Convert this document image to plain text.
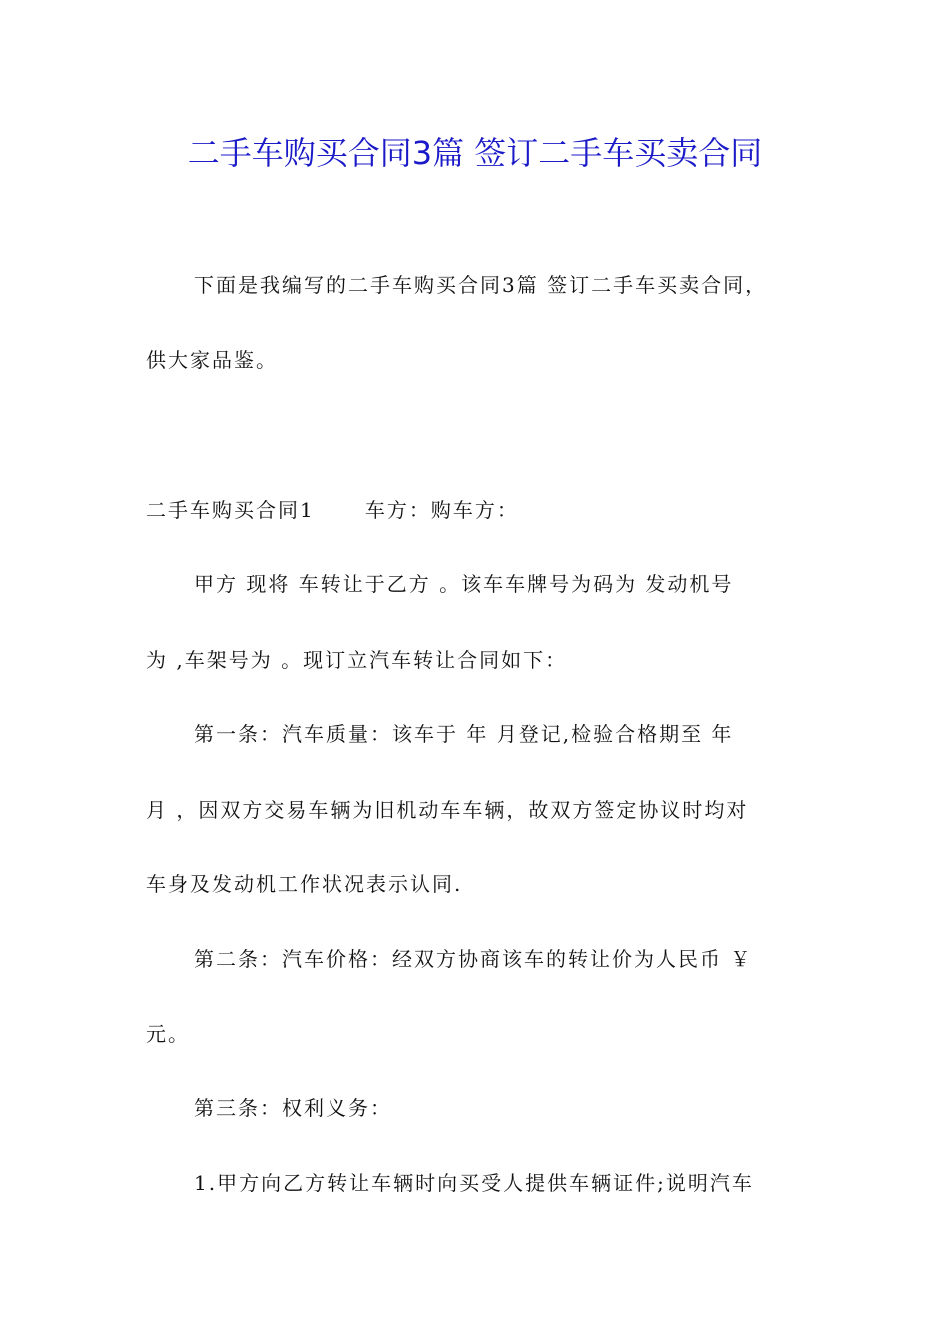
二手车购买合同3篇 签订二手车买卖合同
下面是我编写的二手车购买合同3篇 签订二手车买卖合同，
供大家品鉴。
二手车购买合同1      车方：购车方：
甲方 现将 车转让于乙方 。该车车牌号为码为 发动机号
为 ,车架号为 。现订立汽车转让合同如下：
第一条：汽车质量：该车于 年 月登记,检验合格期至 年
月 ，因双方交易车辆为旧机动车车辆，故双方签定协议时均对
车身及发动机工作状况表示认同.
第二条：汽车价格：经双方协商该车的转让价为人民币 ￥
元。
第三条：权利义务：
1.甲方向乙方转让车辆时向买受人提供车辆证件;说明汽车
